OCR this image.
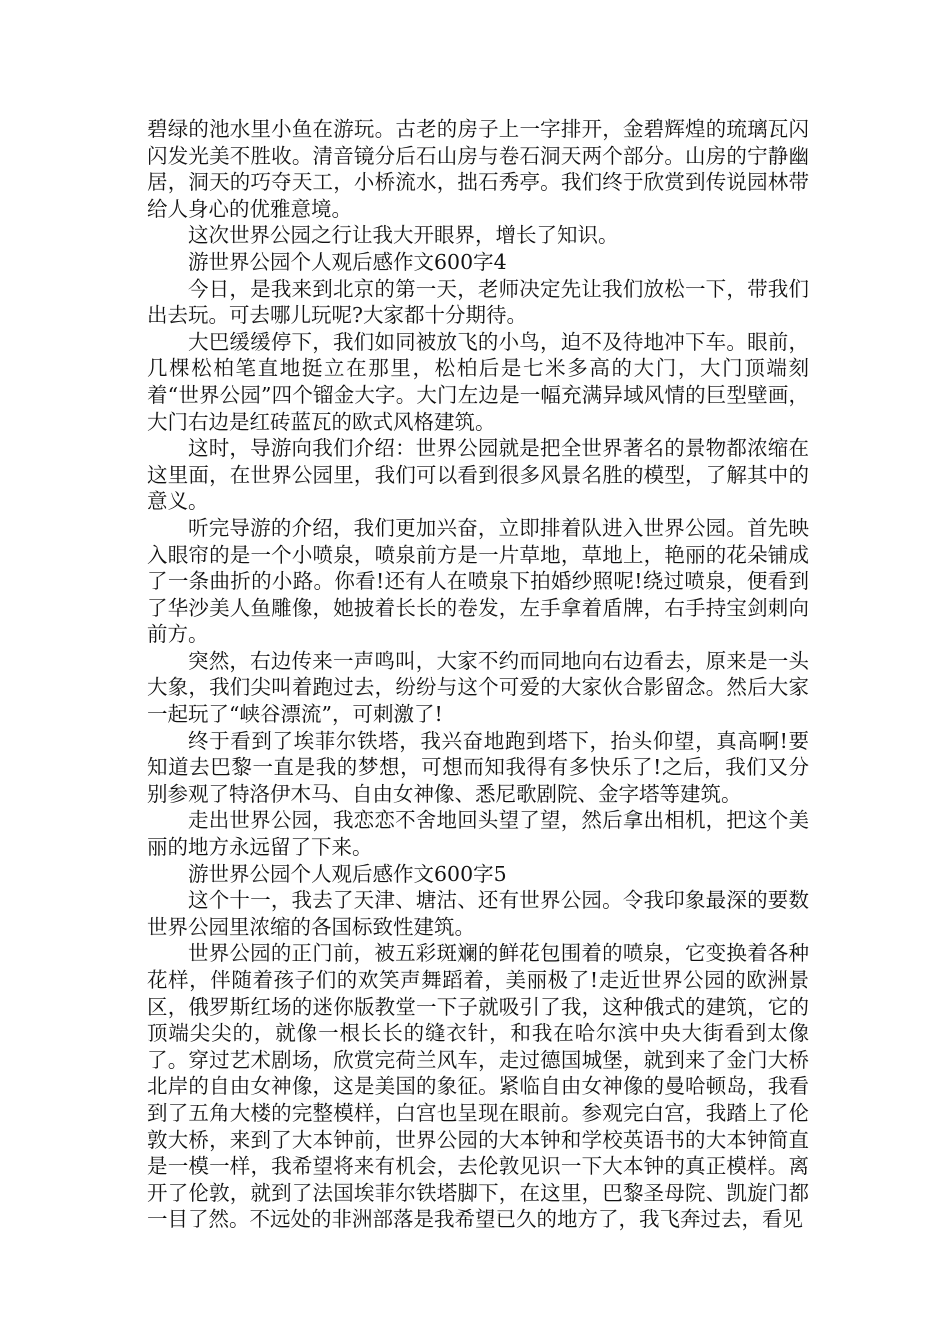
碧绿的池水里小鱼在游玩。古老的房子上一字排开，金碧辉煌的琉璃瓦闪闪发光美不胜收。清音镜分后石山房与卷石洞天两个部分。山房的宁静幽居，洞天的巧夺天工，小桥流水，拙石秀亭。我们终于欣赏到传说园林带给人身心的优雅意境。

这次世界公园之行让我大开眼界，增长了知识。

游世界公园个人观后感作文600字4

今日，是我来到北京的第一天，老师决定先让我们放松一下，带我们出去玩。可去哪儿玩呢?大家都十分期待。

大巴缓缓停下，我们如同被放飞的小鸟，迫不及待地冲下车。眼前，几棵松柏笔直地挺立在那里，松柏后是七米多高的大门，大门顶端刻着“世界公园”四个镏金大字。大门左边是一幅充满异域风情的巨型壁画，大门右边是红砖蓝瓦的欧式风格建筑。

这时，导游向我们介绍：世界公园就是把全世界著名的景物都浓缩在这里面，在世界公园里，我们可以看到很多风景名胜的模型，了解其中的意义。

听完导游的介绍，我们更加兴奋，立即排着队进入世界公园。首先映入眼帘的是一个小喷泉，喷泉前方是一片草地，草地上，艳丽的花朵铺成了一条曲折的小路。你看!还有人在喷泉下拍婚纱照呢!绕过喷泉，便看到了华沙美人鱼雕像，她披着长长的卷发，左手拿着盾牌，右手持宝剑刺向前方。

突然，右边传来一声鸣叫，大家不约而同地向右边看去，原来是一头大象，我们尖叫着跑过去，纷纷与这个可爱的大家伙合影留念。然后大家一起玩了“峡谷漂流”，可刺激了!

终于看到了埃菲尔铁塔，我兴奋地跑到塔下，抬头仰望，真高啊!要知道去巴黎一直是我的梦想，可想而知我得有多快乐了!之后，我们又分别参观了特洛伊木马、自由女神像、悉尼歌剧院、金字塔等建筑。

走出世界公园，我恋恋不舍地回头望了望，然后拿出相机，把这个美丽的地方永远留了下来。

游世界公园个人观后感作文600字5

这个十一，我去了天津、塘沽、还有世界公园。令我印象最深的要数世界公园里浓缩的各国标致性建筑。

世界公园的正门前，被五彩斑斓的鲜花包围着的喷泉，它变换着各种花样，伴随着孩子们的欢笑声舞蹈着，美丽极了!走近世界公园的欧洲景区，俄罗斯红场的迷你版教堂一下子就吸引了我，这种俄式的建筑，它的顶端尖尖的，就像一根长长的缝衣针，和我在哈尔滨中央大街看到太像了。穿过艺术剧场，欣赏完荷兰风车，走过德国城堡，就到来了金门大桥北岸的自由女神像，这是美国的象征。紧临自由女神像的曼哈顿岛，我看到了五角大楼的完整模样，白宫也呈现在眼前。参观完白宫，我踏上了伦敦大桥，来到了大本钟前，世界公园的大本钟和学校英语书的大本钟简直是一模一样，我希望将来有机会，去伦敦见识一下大本钟的真正模样。离开了伦敦，就到了法国埃菲尔铁塔脚下，在这里，巴黎圣母院、凯旋门都一目了然。不远处的非洲部落是我希望已久的地方了，我飞奔过去，看见
